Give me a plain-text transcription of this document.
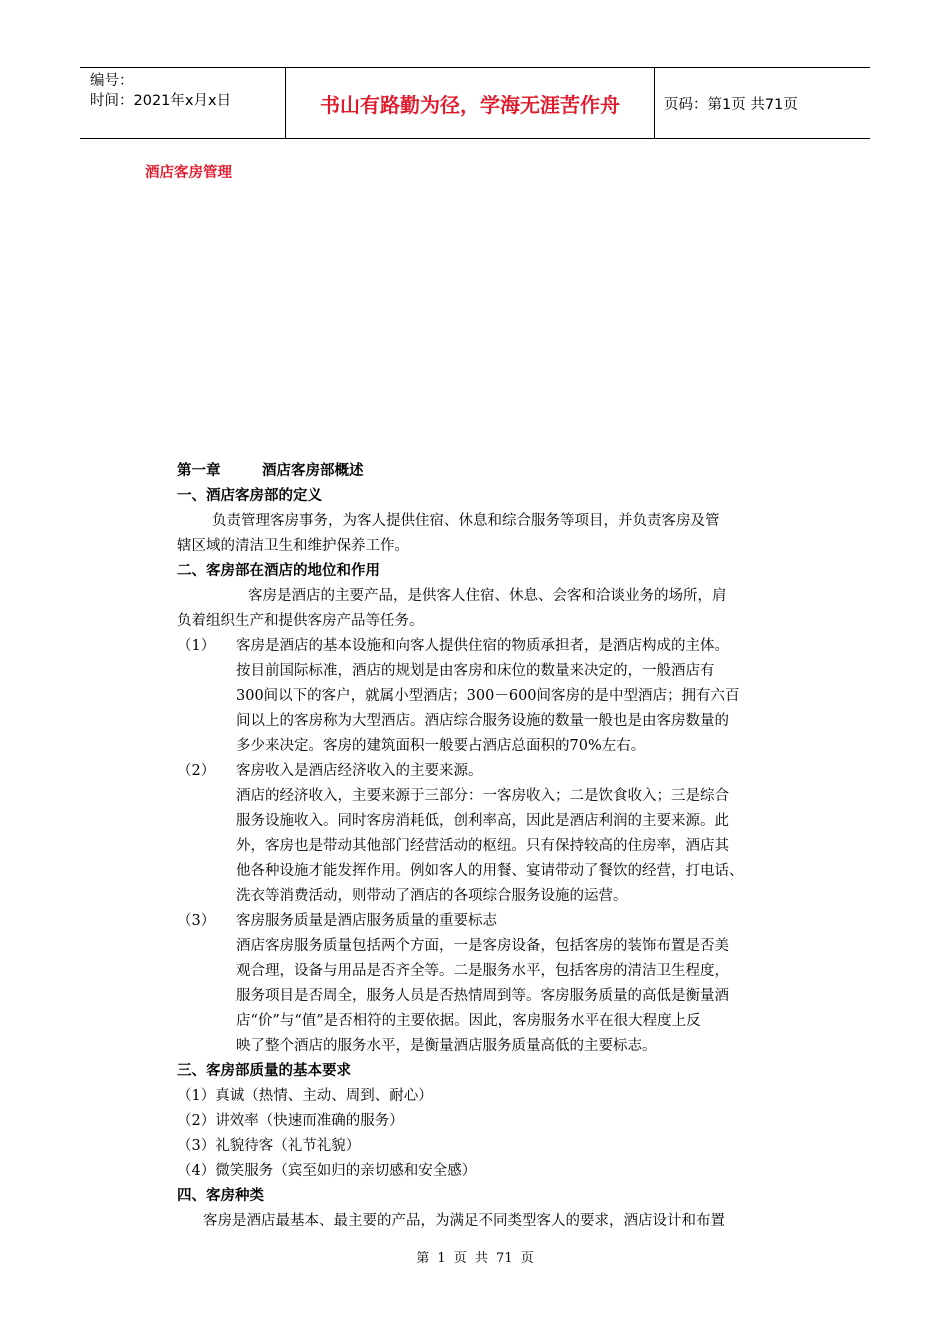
编号：
时间：2021年x月x日	书山有路勤为径，学海无涯苦作舟	页码：第1页 共71页
酒店客房管理
第一章	酒店客房部概述
一、酒店客房部的定义
负责管理客房事务，为客人提供住宿、休息和综合服务等项目，并负责客房及管
辖区域的清洁卫生和维护保养工作。
二、客房部在酒店的地位和作用
客房是酒店的主要产品，是供客人住宿、休息、会客和洽谈业务的场所，肩
负着组织生产和提供客房产品等任务。
（1） 客房是酒店的基本设施和向客人提供住宿的物质承担者，是酒店构成的主体。
按目前国际标准，酒店的规划是由客房和床位的数量来决定的，一般酒店有
300间以下的客户，就属小型酒店；300－600间客房的是中型酒店；拥有六百
间以上的客房称为大型酒店。酒店综合服务设施的数量一般也是由客房数量的
多少来决定。客房的建筑面积一般要占酒店总面积的70%左右。
（2） 客房收入是酒店经济收入的主要来源。
酒店的经济收入，主要来源于三部分：一客房收入；二是饮食收入；三是综合
服务设施收入。同时客房消耗低，创利率高，因此是酒店利润的主要来源。此
外，客房也是带动其他部门经营活动的枢纽。只有保持较高的住房率，酒店其
他各种设施才能发挥作用。例如客人的用餐、宴请带动了餐饮的经营，打电话、
洗衣等消费活动，则带动了酒店的各项综合服务设施的运营。
（3） 客房服务质量是酒店服务质量的重要标志
酒店客房服务质量包括两个方面，一是客房设备，包括客房的装饰布置是否美
观合理，设备与用品是否齐全等。二是服务水平，包括客房的清洁卫生程度，
服务项目是否周全，服务人员是否热情周到等。客房服务质量的高低是衡量酒
店“价”与“值”是否相符的主要依据。因此，客房服务水平在很大程度上反
映了整个酒店的服务水平，是衡量酒店服务质量高低的主要标志。
三、客房部质量的基本要求
（1）真诚（热情、主动、周到、耐心）
（2）讲效率（快速而准确的服务）
（3）礼貌待客（礼节礼貌）
（4）微笑服务（宾至如归的亲切感和安全感）
四、客房种类
客房是酒店最基本、最主要的产品，为满足不同类型客人的要求，酒店设计和布置
第 1 页 共 71 页
